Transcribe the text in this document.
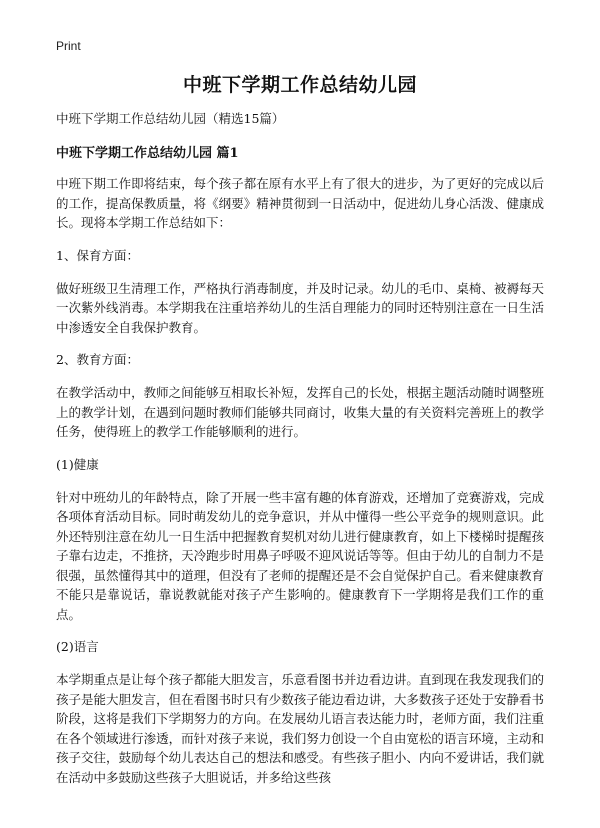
Print
中班下学期工作总结幼儿园
中班下学期工作总结幼儿园（精选15篇）
中班下学期工作总结幼儿园 篇1

中班下期工作即将结束，每个孩子都在原有水平上有了很大的进步，为了更好的完成以后的工作，提高保教质量，将《纲要》精神贯彻到一日活动中，促进幼儿身心活泼、健康成长。现将本学期工作总结如下：

1、保育方面：

做好班级卫生清理工作，严格执行消毒制度，并及时记录。幼儿的毛巾、桌椅、被褥每天一次紫外线消毒。本学期我在注重培养幼儿的生活自理能力的同时还特别注意在一日生活中渗透安全自我保护教育。

2、教育方面：

在教学活动中，教师之间能够互相取长补短，发挥自己的长处，根据主题活动随时调整班上的教学计划，在遇到问题时教师们能够共同商讨，收集大量的有关资料完善班上的教学任务，使得班上的教学工作能够顺利的进行。

(1)健康

针对中班幼儿的年龄特点，除了开展一些丰富有趣的体育游戏，还增加了竞赛游戏，完成各项体育活动目标。同时萌发幼儿的竞争意识，并从中懂得一些公平竞争的规则意识。此外还特别注意在幼儿一日生活中把握教育契机对幼儿进行健康教育，如上下楼梯时提醒孩子靠右边走，不推挤，天冷跑步时用鼻子呼吸不迎风说话等等。但由于幼儿的自制力不是很强，虽然懂得其中的道理，但没有了老师的提醒还是不会自觉保护自己。看来健康教育不能只是靠说话，靠说教就能对孩子产生影响的。健康教育下一学期将是我们工作的重点。

(2)语言

本学期重点是让每个孩子都能大胆发言，乐意看图书并边看边讲。直到现在我发现我们的孩子是能大胆发言，但在看图书时只有少数孩子能边看边讲，大多数孩子还处于安静看书阶段，这将是我们下学期努力的方向。在发展幼儿语言表达能力时，老师方面，我们注重在各个领域进行渗透，而针对孩子来说，我们努力创设一个自由宽松的语言环境，主动和孩子交往，鼓励每个幼儿表达自己的想法和感受。有些孩子胆小、内向不爱讲话，我们就在活动中多鼓励这些孩子大胆说话，并多给这些孩
